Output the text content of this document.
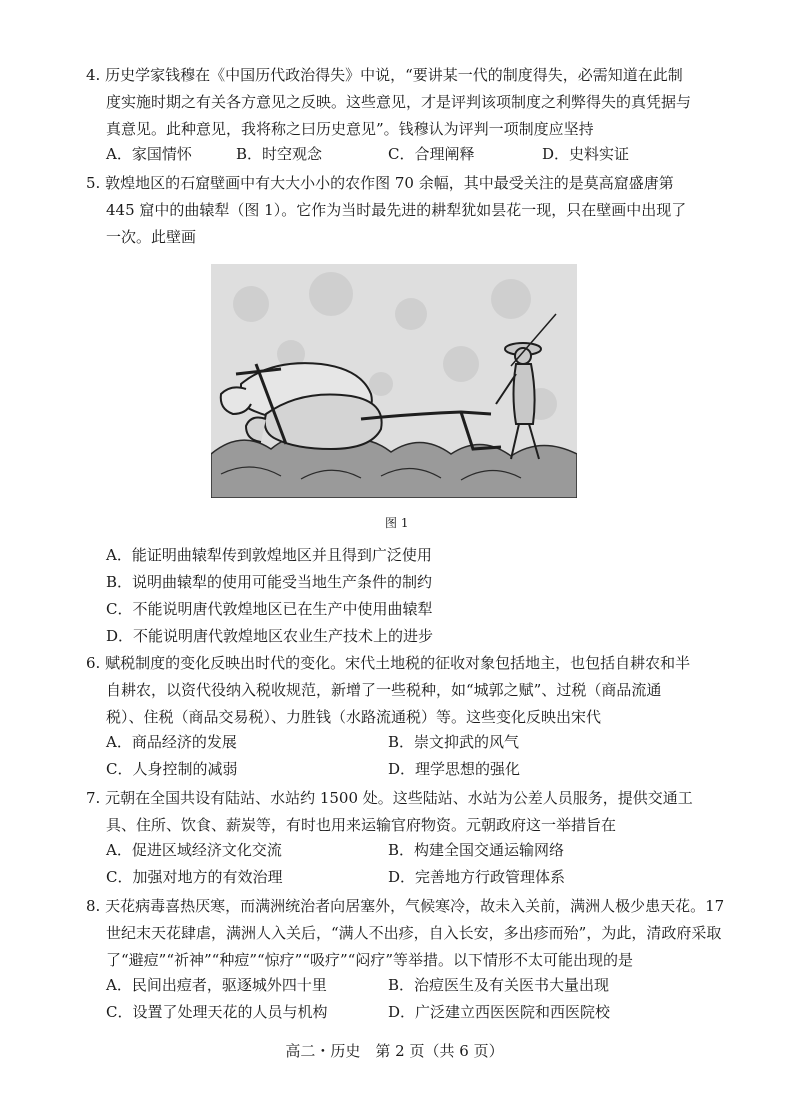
4. 历史学家钱穆在《中国历代政治得失》中说，“要讲某一代的制度得失，必需知道在此制
度实施时期之有关各方意见之反映。这些意见，才是评判该项制度之利弊得失的真凭据与
真意见。此种意见，我将称之曰历史意见”。钱穆认为评判一项制度应坚持
A．家国情怀	B．时空观念	C．合理阐释	D．史料实证
5. 敦煌地区的石窟壁画中有大大小小的农作图 70 余幅，其中最受关注的是莫高窟盛唐第
445 窟中的曲辕犁（图 1）。它作为当时最先进的耕犁犹如昙花一现，只在壁画中出现了
一次。此壁画
图 1
A．能证明曲辕犁传到敦煌地区并且得到广泛使用
B．说明曲辕犁的使用可能受当地生产条件的制约
C．不能说明唐代敦煌地区已在生产中使用曲辕犁
D．不能说明唐代敦煌地区农业生产技术上的进步
6. 赋税制度的变化反映出时代的变化。宋代土地税的征收对象包括地主，也包括自耕农和半
自耕农，以资代役纳入税收规范，新增了一些税种，如“城郭之赋”、过税（商品流通
税）、住税（商品交易税）、力胜钱（水路流通税）等。这些变化反映出宋代
A．商品经济的发展	B．崇文抑武的风气
C．人身控制的减弱	D．理学思想的强化
7. 元朝在全国共设有陆站、水站约 1500 处。这些陆站、水站为公差人员服务，提供交通工
具、住所、饮食、薪炭等，有时也用来运输官府物资。元朝政府这一举措旨在
A．促进区域经济文化交流	B．构建全国交通运输网络
C．加强对地方的有效治理	D．完善地方行政管理体系
8. 天花病毒喜热厌寒，而满洲统治者向居塞外，气候寒冷，故未入关前，满洲人极少患天花。17
世纪末天花肆虐，满洲人入关后，“满人不出疹，自入长安，多出疹而殆”，为此，清政府采取
了“避痘”“祈神”“种痘”“惊疗”“吸疗”“闷疗”等举措。以下情形不太可能出现的是
A．民间出痘者，驱逐城外四十里	B．治痘医生及有关医书大量出现
C．设置了处理天花的人员与机构	D．广泛建立西医医院和西医院校
高二・历史　第 2 页（共 6 页）
